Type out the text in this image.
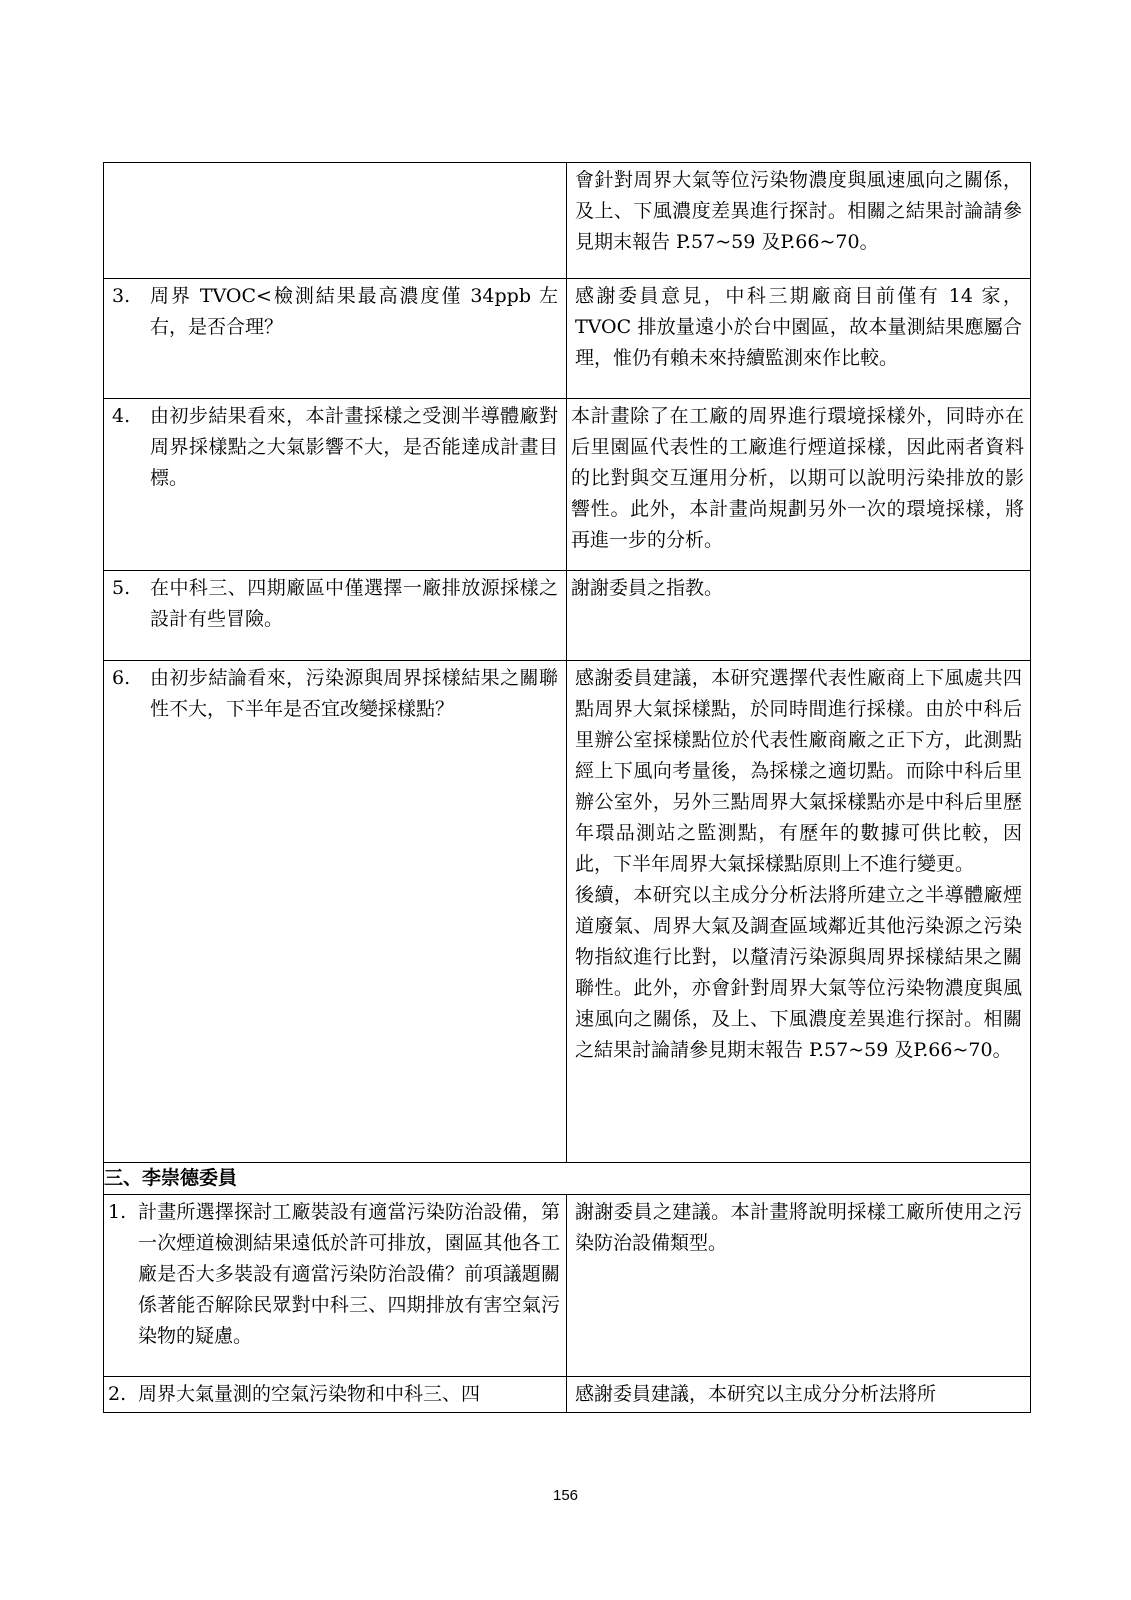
	會針對周界大氣等位污染物濃度與風速風向之關係，及上、下風濃度差異進行探討。相關之結果討論請參見期末報告 P.57~59 及P.66~70。

3. 周界 TVOC<檢測結果最高濃度僅 34ppb 左右，是否合理？	感謝委員意見，中科三期廠商目前僅有 14 家，TVOC 排放量遠小於台中園區，故本量測結果應屬合理，惟仍有賴未來持續監測來作比較。

4. 由初步結果看來，本計畫採樣之受測半導體廠對周界採樣點之大氣影響不大，是否能達成計畫目標。	本計畫除了在工廠的周界進行環境採樣外，同時亦在后里園區代表性的工廠進行煙道採樣，因此兩者資料的比對與交互運用分析，以期可以說明污染排放的影響性。此外，本計畫尚規劃另外一次的環境採樣，將再進一步的分析。

5. 在中科三、四期廠區中僅選擇一廠排放源採樣之設計有些冒險。	謝謝委員之指教。

6. 由初步結論看來，污染源與周界採樣結果之關聯性不大，下半年是否宜改變採樣點？	感謝委員建議，本研究選擇代表性廠商上下風處共四點周界大氣採樣點，於同時間進行採樣。由於中科后里辦公室採樣點位於代表性廠商廠之正下方，此測點經上下風向考量後，為採樣之適切點。而除中科后里辦公室外，另外三點周界大氣採樣點亦是中科后里歷年環品測站之監測點，有歷年的數據可供比較，因此，下半年周界大氣採樣點原則上不進行變更。
後續，本研究以主成分分析法將所建立之半導體廠煙道廢氣、周界大氣及調查區域鄰近其他污染源之污染物指紋進行比對，以釐清污染源與周界採樣結果之關聯性。此外，亦會針對周界大氣等位污染物濃度與風速風向之關係，及上、下風濃度差異進行探討。相關之結果討論請參見期末報告 P.57~59 及P.66~70。

三、李崇德委員	

1. 計畫所選擇探討工廠裝設有適當污染防治設備，第一次煙道檢測結果遠低於許可排放，園區其他各工廠是否大多裝設有適當污染防治設備？前項議題關係著能否解除民眾對中科三、四期排放有害空氣污染物的疑慮。	謝謝委員之建議。本計畫將說明採樣工廠所使用之污染防治設備類型。

2. 周界大氣量測的空氣污染物和中科三、四	感謝委員建議，本研究以主成分分析法將所
156
